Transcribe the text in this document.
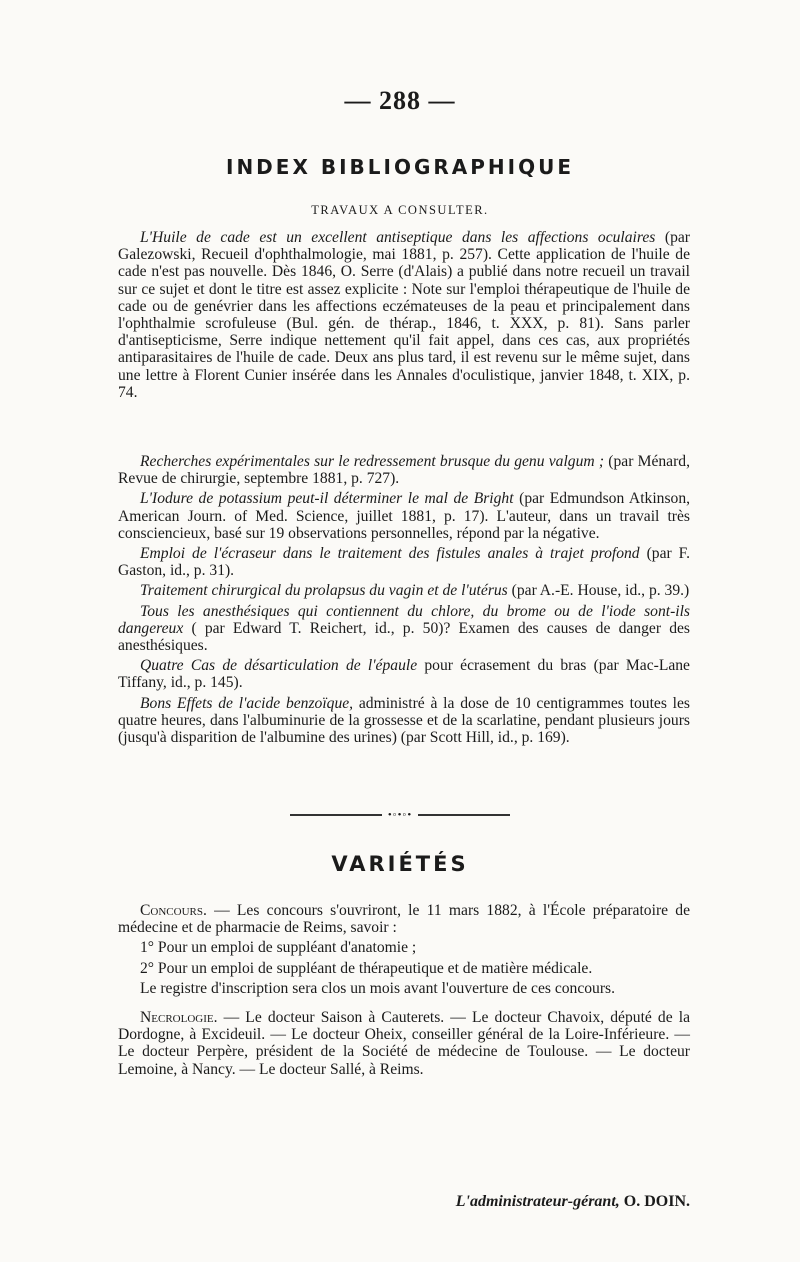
— 288 —
INDEX BIBLIOGRAPHIQUE
TRAVAUX A CONSULTER.

L'Huile de cade est un excellent antiseptique dans les affections oculaires (par Galezowski, Recueil d'ophthalmologie, mai 1881, p. 257). Cette application de l'huile de cade n'est pas nouvelle. Dès 1846, O. Serre (d'Alais) a publié dans notre recueil un travail sur ce sujet et dont le titre est assez explicite : Note sur l'emploi thérapeutique de l'huile de cade ou de genévrier dans les affections eczémateuses de la peau et principalement dans l'ophthalmie scrofuleuse (Bul. gén. de thérap., 1846, t. XXX, p. 81). Sans parler d'antisepticisme, Serre indique nettement qu'il fait appel, dans ces cas, aux propriétés antiparasitaires de l'huile de cade. Deux ans plus tard, il est revenu sur le même sujet, dans une lettre à Florent Cunier insérée dans les Annales d'oculistique, janvier 1848, t. XIX, p. 74.

Recherches expérimentales sur le redressement brusque du genu valgum ; (par Ménard, Revue de chirurgie, septembre 1881, p. 727).

L'Iodure de potassium peut-il déterminer le mal de Bright (par Edmundson Atkinson, American Journ. of Med. Science, juillet 1881, p. 17). L'auteur, dans un travail très consciencieux, basé sur 19 observations personnelles, répond par la négative.

Emploi de l'écraseur dans le traitement des fistules anales à trajet profond (par F. Gaston, id., p. 31).

Traitement chirurgical du prolapsus du vagin et de l'utérus (par A.-E. House, id., p. 39.)

Tous les anesthésiques qui contiennent du chlore, du brome ou de l'iode sont-ils dangereux ( par Edward T. Reichert, id., p. 50)? Examen des causes de danger des anesthésiques.

Quatre Cas de désarticulation de l'épaule pour écrasement du bras (par Mac-Lane Tiffany, id., p. 145).

Bons Effets de l'acide benzoïque, administré à la dose de 10 centigrammes toutes les quatre heures, dans l'albuminurie de la grossesse et de la scarlatine, pendant plusieurs jours (jusqu'à disparition de l'albumine des urines) (par Scott Hill, id., p. 169).

•◦•◦•
VARIÉTÉS

Concours. — Les concours s'ouvriront, le 11 mars 1882, à l'École préparatoire de médecine et de pharmacie de Reims, savoir :

1° Pour un emploi de suppléant d'anatomie ;

2° Pour un emploi de suppléant de thérapeutique et de matière médicale.

Le registre d'inscription sera clos un mois avant l'ouverture de ces concours.

Necrologie. — Le docteur Saison à Cauterets. — Le docteur Chavoix, député de la Dordogne, à Excideuil. — Le docteur Oheix, conseiller général de la Loire-Inférieure. — Le docteur Perpère, président de la Société de médecine de Toulouse. — Le docteur Lemoine, à Nancy. — Le docteur Sallé, à Reims.

L'administrateur-gérant, O. DOIN.
